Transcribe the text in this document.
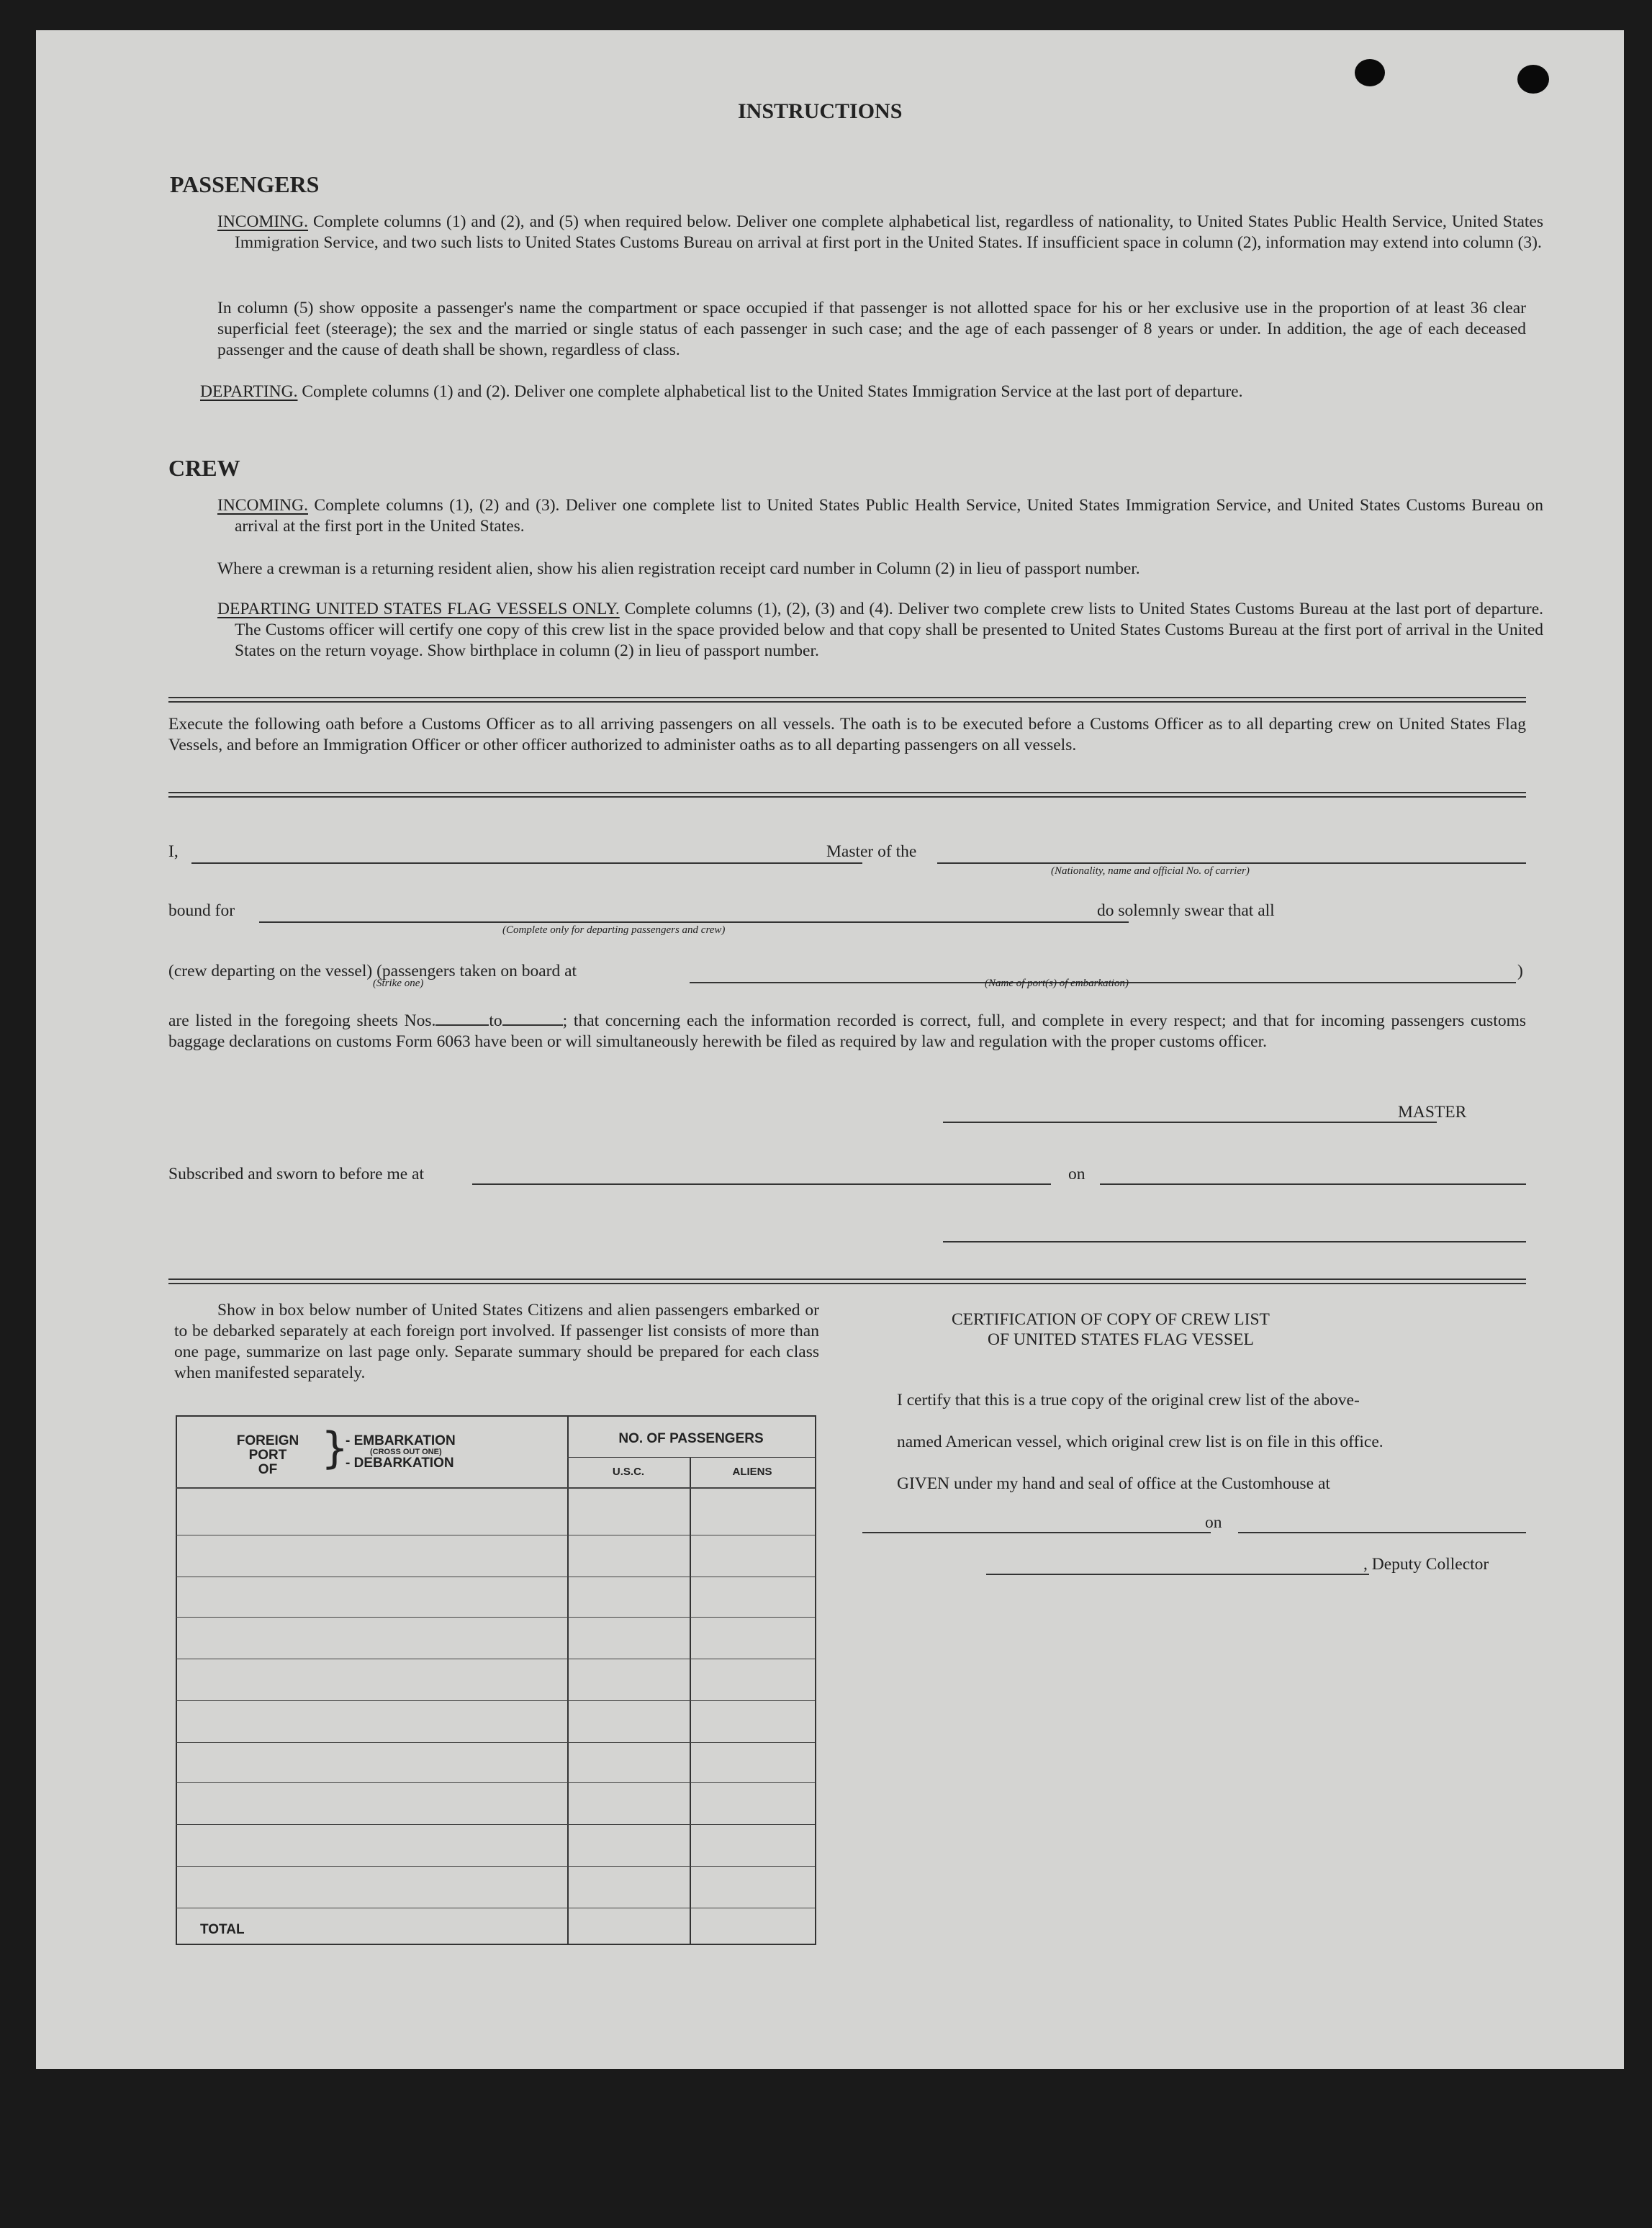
INSTRUCTIONS
PASSENGERS
INCOMING. Complete columns (1) and (2), and (5) when required below. Deliver one complete alphabetical list, regardless of nationality, to United States Public Health Service, United States Immigration Service, and two such lists to United States Customs Bureau on arrival at first port in the United States. If insufficient space in column (2), information may extend into column (3).
In column (5) show opposite a passenger's name the compartment or space occupied if that passenger is not allotted space for his or her exclusive use in the proportion of at least 36 clear superficial feet (steerage); the sex and the married or single status of each passenger in such case; and the age of each passenger of 8 years or under. In addition, the age of each deceased passenger and the cause of death shall be shown, regardless of class.
DEPARTING. Complete columns (1) and (2). Deliver one complete alphabetical list to the United States Immigration Service at the last port of departure.
CREW
INCOMING. Complete columns (1), (2) and (3). Deliver one complete list to United States Public Health Service, United States Immigration Service, and United States Customs Bureau on arrival at the first port in the United States.
Where a crewman is a returning resident alien, show his alien registration receipt card number in Column (2) in lieu of passport number.
DEPARTING UNITED STATES FLAG VESSELS ONLY. Complete columns (1), (2), (3) and (4). Deliver two complete crew lists to United States Customs Bureau at the last port of departure. The Customs officer will certify one copy of this crew list in the space provided below and that copy shall be presented to United States Customs Bureau at the first port of arrival in the United States on the return voyage. Show birthplace in column (2) in lieu of passport number.
Execute the following oath before a Customs Officer as to all arriving passengers on all vessels. The oath is to be executed before a Customs Officer as to all departing crew on United States Flag Vessels, and before an Immigration Officer or other officer authorized to administer oaths as to all departing passengers on all vessels.
I,	Master of the
(Nationality, name and official No. of carrier)
bound for	do solemnly swear that all
(Complete only for departing passengers and crew)
(crew departing on the vessel) (passengers taken on board at	)
(Strike one)	(Name of port(s) of embarkation)
are listed in the foregoing sheets Nos.	to	; that concerning each the information recorded is correct, full, and complete in every respect; and that for incoming passengers customs baggage declarations on customs Form 6063 have been or will simultaneously herewith be filed as required by law and regulation with the proper customs officer.
MASTER
Subscribed and sworn to before me at	on
Show in box below number of United States Citizens and alien passengers embarked or to be debarked separately at each foreign port involved. If passenger list consists of more than one page, summarize on last page only. Separate summary should be prepared for each class when manifested separately.
FOREIGN
PORT
OF	}
- EMBARKATION
(CROSS OUT ONE)
- DEBARKATION
NO. OF PASSENGERS
U.S.C.	ALIENS
TOTAL
CERTIFICATION OF COPY OF CREW LIST
OF UNITED STATES FLAG VESSEL
I certify that this is a true copy of the original crew list of the above-
named American vessel, which original crew list is on file in this office.
GIVEN under my hand and seal of office at the Customhouse at
on
, Deputy Collector
